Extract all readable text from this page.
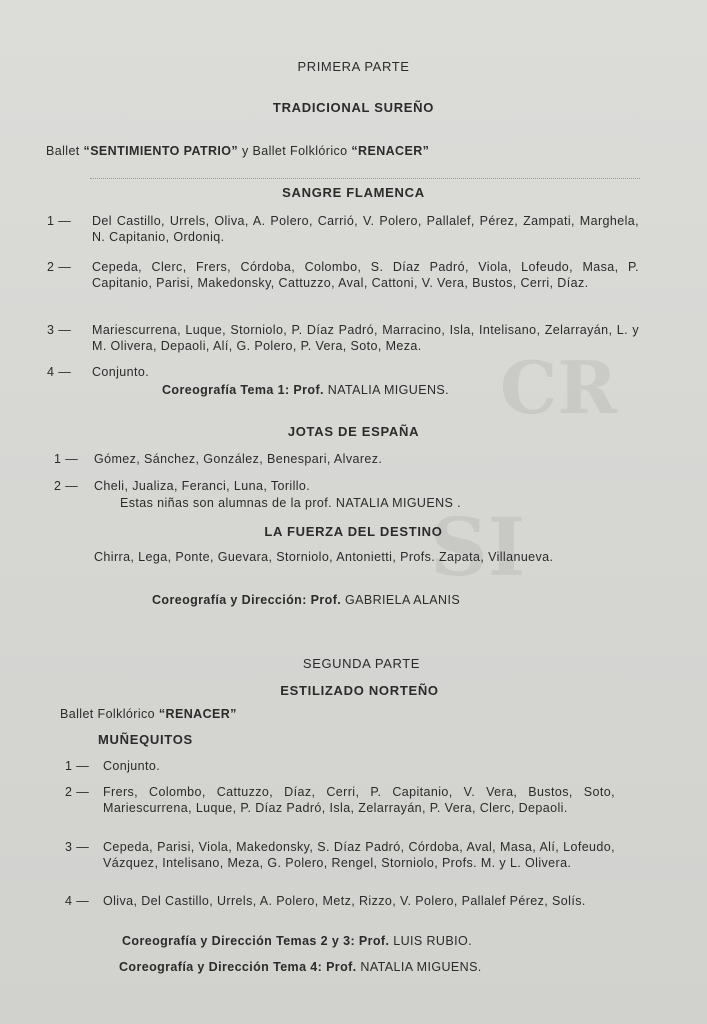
CR
SI
PRIMERA PARTE
TRADICIONAL SUREÑO
Ballet “SENTIMIENTO PATRIO” y Ballet Folklórico “RENACER”
SANGRE FLAMENCA
1 —	Del Castillo, Urrels, Oliva, A. Polero, Carrió, V. Polero, Pallalef, Pérez, Zampati, Marghela, N. Capitanio, Ordoniq.
2 —	Cepeda, Clerc, Frers, Córdoba, Colombo, S. Díaz Padró, Viola, Lofeudo, Masa, P. Capitanio, Parisi, Makedonsky, Cattuzzo, Aval, Cattoni, V. Vera, Bustos, Cerri, Díaz.
3 —	Mariescurrena, Luque, Storniolo, P. Díaz Padró, Marracino, Isla, Intelisano, Zelarrayán, L. y M. Olivera, Depaoli, Alí, G. Polero, P. Vera, Soto, Meza.
4 —	Conjunto.
Coreografía Tema 1: Prof. NATALIA MIGUENS.
JOTAS DE ESPAÑA
1 —	Gómez, Sánchez, González, Benespari, Alvarez.
2 —	Cheli, Jualiza, Feranci, Luna, Torillo.
Estas niñas son alumnas de la prof. NATALIA MIGUENS .
LA FUERZA DEL DESTINO
Chirra, Lega, Ponte, Guevara, Storniolo, Antonietti, Profs. Zapata, Villanueva.
Coreografía y Dirección: Prof. GABRIELA ALANIS
SEGUNDA PARTE
ESTILIZADO NORTEÑO
Ballet Folklórico “RENACER”
MUÑEQUITOS
1 —	Conjunto.
2 —	Frers, Colombo, Cattuzzo, Díaz, Cerri, P. Capitanio, V. Vera, Bustos, Soto, Mariescurrena, Luque, P. Díaz Padró, Isla, Zelarrayán, P. Vera, Clerc, Depaoli.
3 —	Cepeda, Parisi, Viola, Makedonsky, S. Díaz Padró, Córdoba, Aval, Masa, Alí, Lofeudo, Vázquez, Intelisano, Meza, G. Polero, Rengel, Storniolo, Profs. M. y L. Olivera.
4 —	Oliva, Del Castillo, Urrels, A. Polero, Metz, Rizzo, V. Polero, Pallalef Pérez, Solís.
Coreografía y Dirección Temas 2 y 3: Prof. LUIS RUBIO.
Coreografía y Dirección Tema 4: Prof. NATALIA MIGUENS.
